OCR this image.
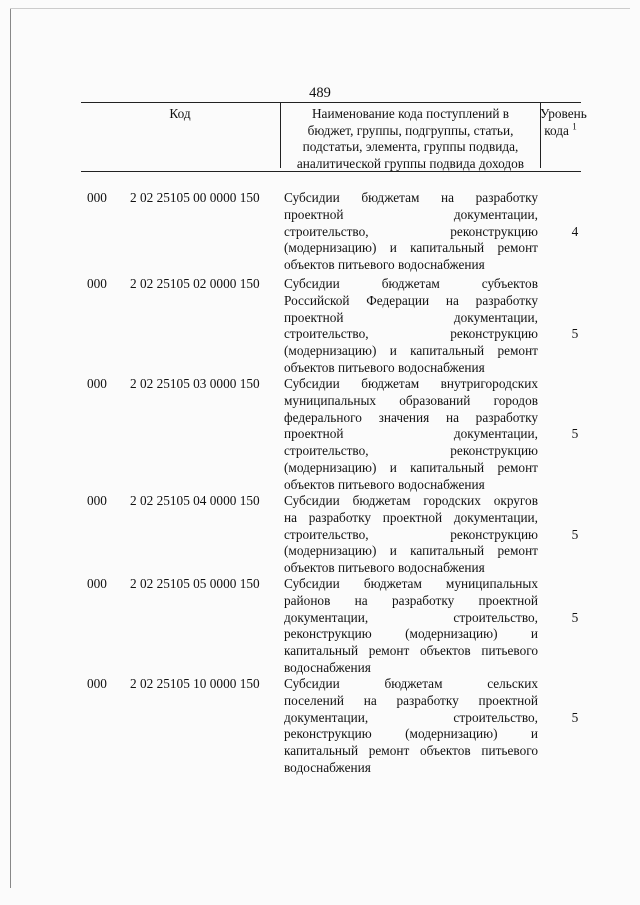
489
Код	Наименование кода поступлений в
бюджет, группы, подгруппы, статьи,
подстатьи, элемента, группы подвида,
аналитической группы подвида доходов
Уровень
кода $^1$
000 2 02 25105 00 0000 150 Субсидии бюджетам на разработку
проектной документации,
строительство, реконструкцию
(модернизацию) и капитальный ремонт
объектов питьевого водоснабжения
4
000 2 02 25105 02 0000 150 Субсидии бюджетам субъектов
Российской Федерации на разработку
проектной документации,
строительство, реконструкцию
(модернизацию) и капитальный ремонт
объектов питьевого водоснабжения
5
000 2 02 25105 03 0000 150 Субсидии бюджетам внутригородских
муниципальных образований городов
федерального значения на разработку
проектной документации,
строительство, реконструкцию
(модернизацию) и капитальный ремонт
объектов питьевого водоснабжения
5
000 2 02 25105 04 0000 150 Субсидии бюджетам городских округов
на разработку проектной документации,
строительство, реконструкцию
(модернизацию) и капитальный ремонт
объектов питьевого водоснабжения
5
000 2 02 25105 05 0000 150 Субсидии бюджетам муниципальных
районов на разработку проектной
документации, строительство,
реконструкцию (модернизацию) и
капитальный ремонт объектов питьевого
водоснабжения
5
000 2 02 25105 10 0000 150 Субсидии бюджетам сельских
поселений на разработку проектной
документации, строительство,
реконструкцию (модернизацию) и
капитальный ремонт объектов питьевого
водоснабжения
5
